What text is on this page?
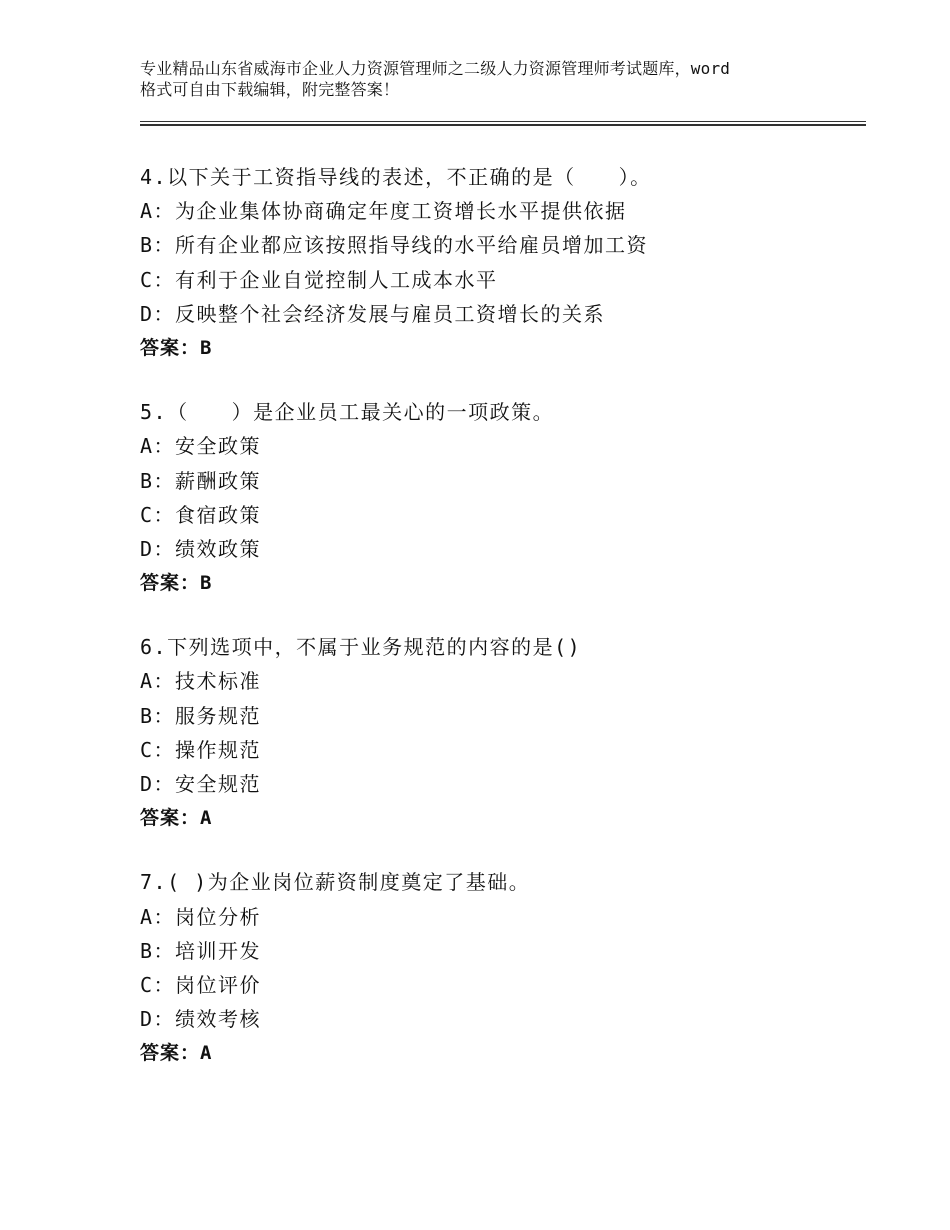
专业精品山东省威海市企业人力资源管理师之二级人力资源管理师考试题库，word
格式可自由下载编辑，附完整答案！
4.以下关于工资指导线的表述，不正确的是（　　）。
A：为企业集体协商确定年度工资增长水平提供依据
B：所有企业都应该按照指导线的水平给雇员增加工资
C：有利于企业自觉控制人工成本水平
D：反映整个社会经济发展与雇员工资增长的关系
答案：B
5.（　　）是企业员工最关心的一项政策。
A：安全政策
B：薪酬政策
C：食宿政策
D：绩效政策
答案：B
6.下列选项中，不属于业务规范的内容的是()
A：技术标准
B：服务规范
C：操作规范
D：安全规范
答案：A
7.( )为企业岗位薪资制度奠定了基础。
A：岗位分析
B：培训开发
C：岗位评价
D：绩效考核
答案：A
